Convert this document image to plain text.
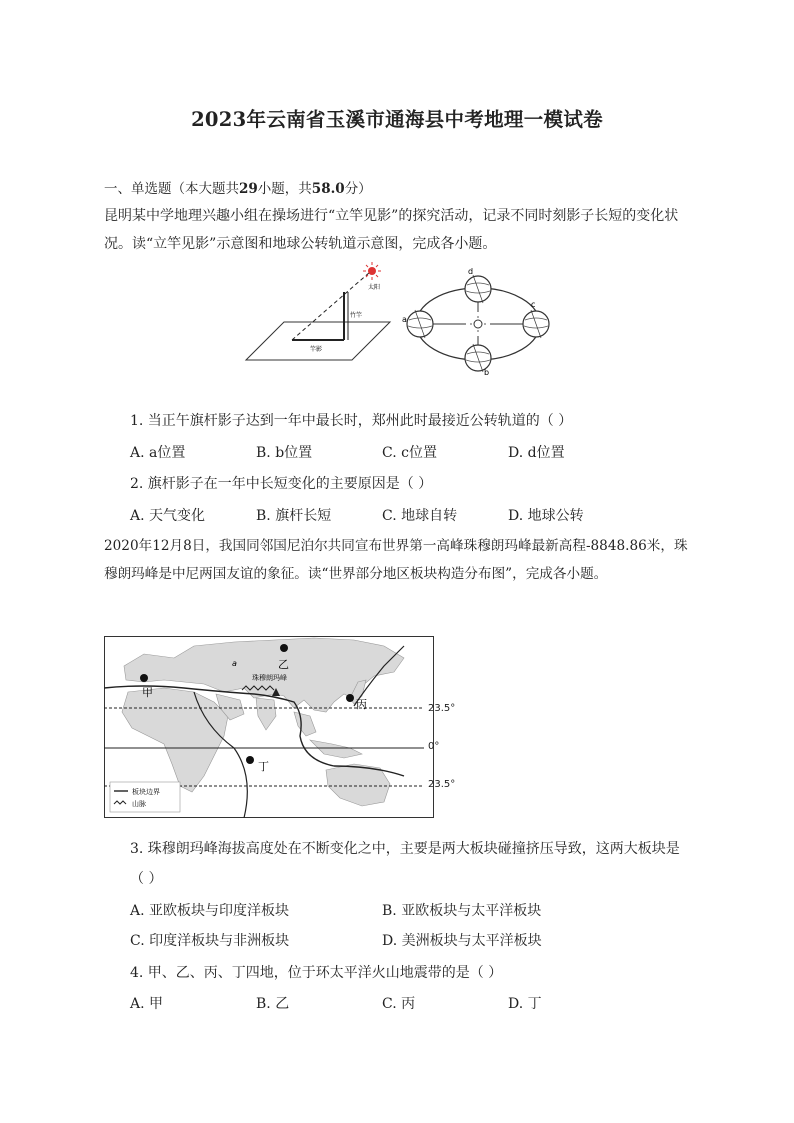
2023年云南省玉溪市通海县中考地理一模试卷
一、单选题（本大题共29小题，共58.0分）
昆明某中学地理兴趣小组在操场进行“立竿见影”的探究活动，记录不同时刻影子长短的变化状
况。读“立竿见影”示意图和地球公转轨道示意图，完成各小题。
太阳
竹竿
竿影
a
b
c
d
1. 当正午旗杆影子达到一年中最长时，郑州此时最接近公转轨道的（ ）
A. a位置	B. b位置	C. c位置	D. d位置
2. 旗杆影子在一年中长短变化的主要原因是（ ）
A. 天气变化	B. 旗杆长短	C. 地球自转	D. 地球公转
2020年12月8日，我国同邻国尼泊尔共同宣布世界第一高峰珠穆朗玛峰最新高程-8848.86米，珠
穆朗玛峰是中尼两国友谊的象征。读“世界部分地区板块构造分布图”，完成各小题。
珠穆朗玛峰
甲
乙
丙
丁
a
板块边界
山脉
23.5°
0°
23.5°
3. 珠穆朗玛峰海拔高度处在不断变化之中，主要是两大板块碰撞挤压导致，这两大板块是
（ ）
A. 亚欧板块与印度洋板块	B. 亚欧板块与太平洋板块
C. 印度洋板块与非洲板块	D. 美洲板块与太平洋板块
4. 甲、乙、丙、丁四地，位于环太平洋火山地震带的是（ ）
A. 甲	B. 乙	C. 丙	D. 丁
